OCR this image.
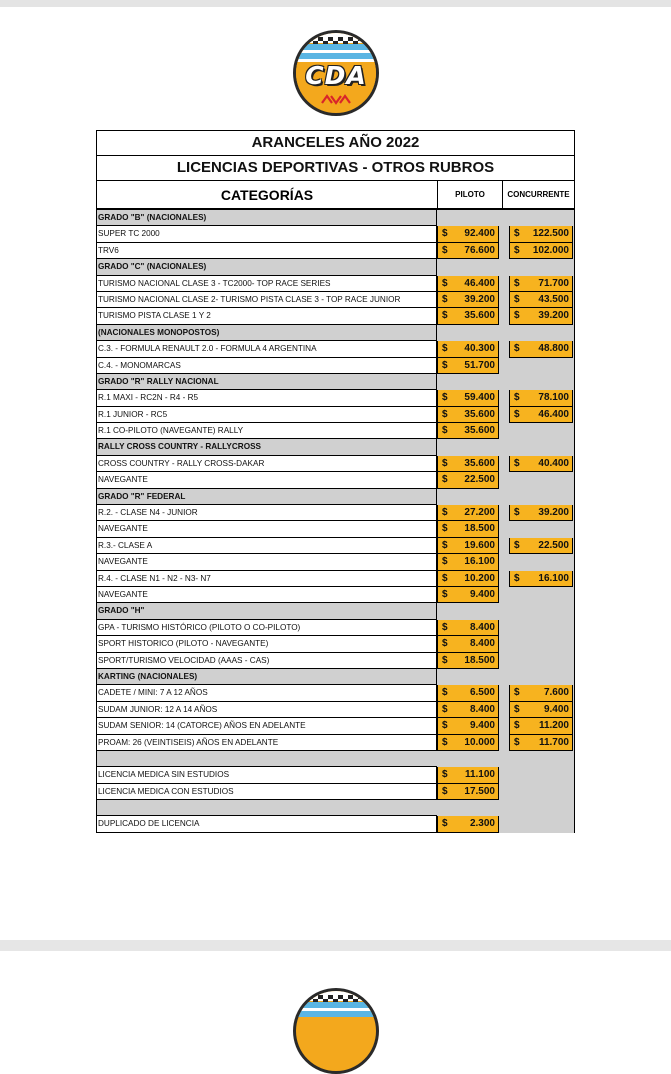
CDA
ARANCELES AÑO 2022
LICENCIAS DEPORTIVAS - OTROS RUBROS
CATEGORÍAS	PILOTO	CONCURRENTE
GRADO "B" (NACIONALES)
SUPER TC 2000	$ 92.400 $ 122.500
TRV6	$ 76.600 $ 102.000
GRADO "C" (NACIONALES)
TURISMO NACIONAL CLASE 3 - TC2000- TOP RACE SERIES	$ 46.400 $ 71.700
TURISMO NACIONAL CLASE 2- TURISMO PISTA CLASE 3 - TOP RACE JUNIOR	$ 39.200 $ 43.500
TURISMO PISTA CLASE 1 Y 2	$ 35.600 $ 39.200
(NACIONALES MONOPOSTOS)
C.3. - FORMULA RENAULT 2.0 - FORMULA 4 ARGENTINA	$ 40.300 $ 48.800
C.4. - MONOMARCAS	$ 51.700
GRADO "R" RALLY NACIONAL
R.1 MAXI - RC2N - R4 - R5	$ 59.400 $ 78.100
R.1 JUNIOR - RC5	$ 35.600 $ 46.400
R.1 CO-PILOTO (NAVEGANTE) RALLY	$ 35.600
RALLY CROSS COUNTRY - RALLYCROSS
CROSS COUNTRY - RALLY CROSS-DAKAR	$ 35.600 $ 40.400
NAVEGANTE	$ 22.500
GRADO "R" FEDERAL
R.2. - CLASE N4 - JUNIOR	$ 27.200 $ 39.200
NAVEGANTE	$ 18.500
R.3.- CLASE A	$ 19.600 $ 22.500
NAVEGANTE	$ 16.100
R.4. - CLASE N1 - N2 - N3- N7	$ 10.200 $ 16.100
NAVEGANTE	$ 9.400
GRADO "H"
GPA - TURISMO HISTÓRICO (PILOTO O CO-PILOTO)	$ 8.400
SPORT HISTORICO (PILOTO - NAVEGANTE)	$ 8.400
SPORT/TURISMO VELOCIDAD (AAAS - CAS)	$ 18.500
KARTING (NACIONALES)
CADETE / MINI: 7 A 12 AÑOS	$ 6.500 $ 7.600
SUDAM JUNIOR: 12 A 14 AÑOS	$ 8.400 $ 9.400
SUDAM SENIOR: 14 (CATORCE) AÑOS EN ADELANTE	$ 9.400 $ 11.200
PROAM: 26 (VEINTISEIS) AÑOS EN ADELANTE	$ 10.000 $ 11.700
LICENCIA MEDICA SIN ESTUDIOS	$ 11.100
LICENCIA MEDICA CON ESTUDIOS	$ 17.500
DUPLICADO DE LICENCIA	$ 2.300
